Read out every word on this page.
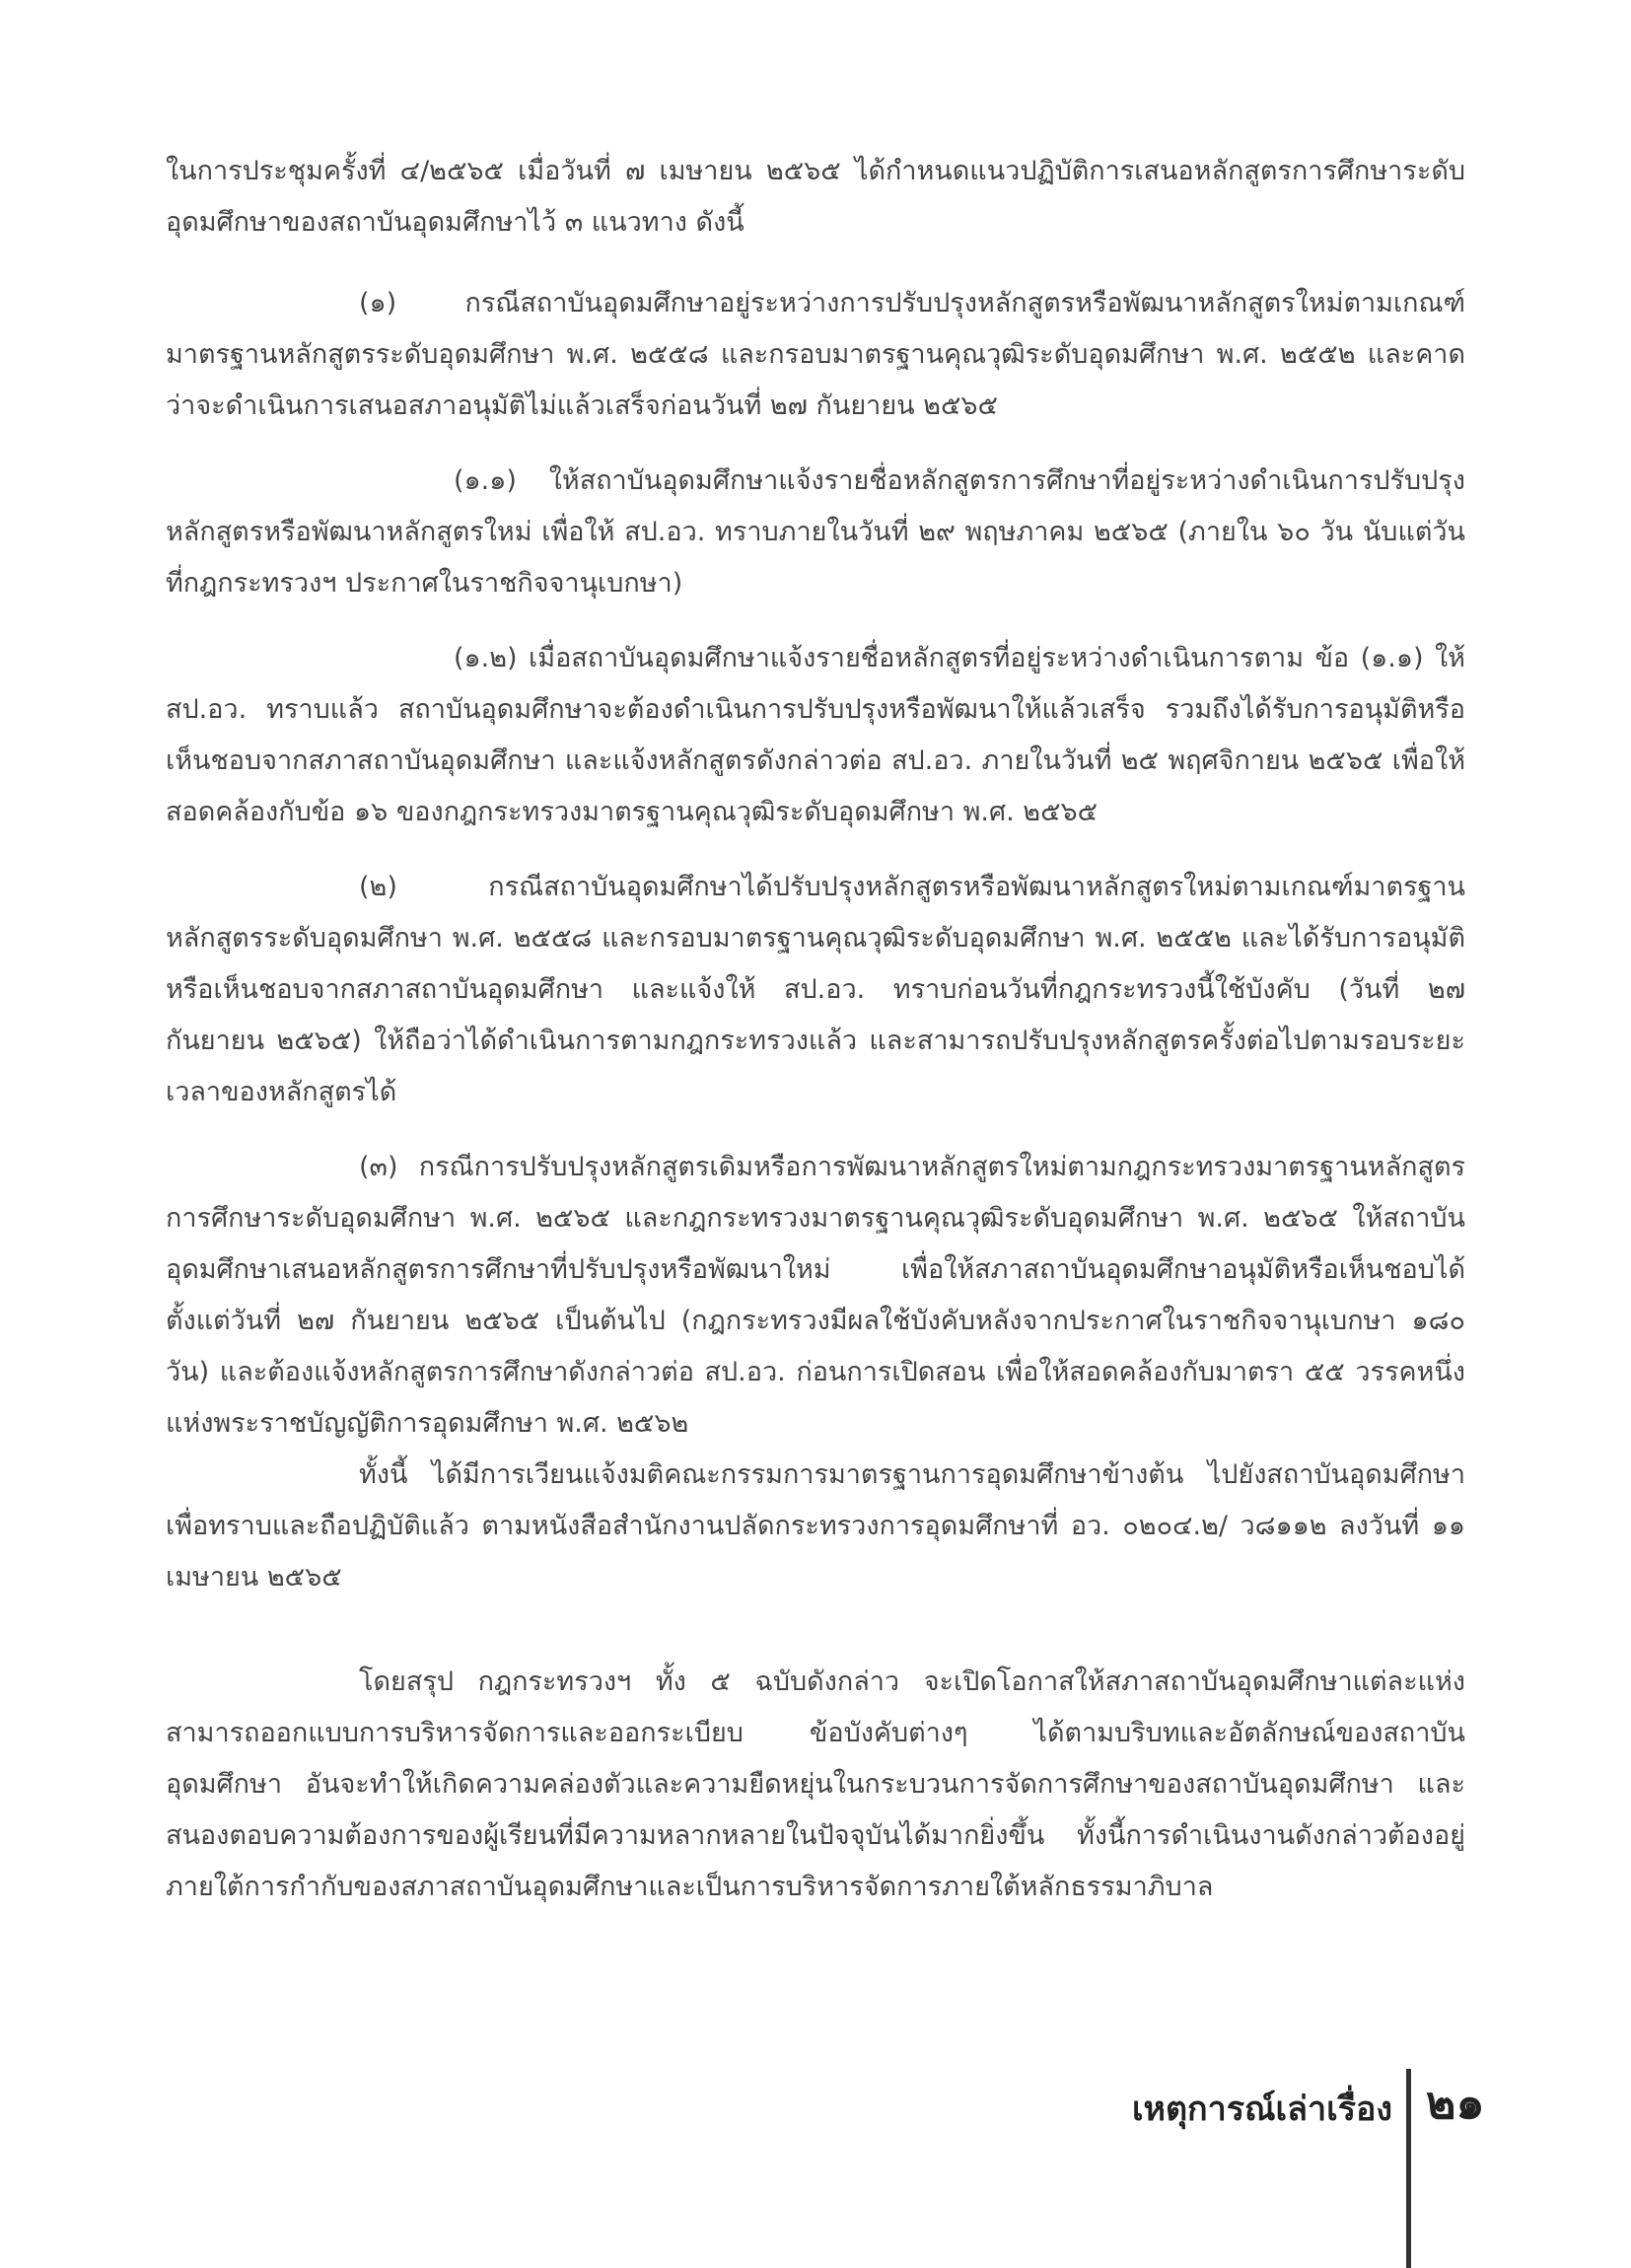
ในการประชุมครั้งที่ ๔/๒๕๖๕ เมื่อวันที่ ๗ เมษายน ๒๕๖๕ ได้กำหนดแนวปฏิบัติการเสนอหลักสูตรการศึกษาระดับอุดมศึกษาของสถาบันอุดมศึกษาไว้ ๓ แนวทาง ดังนี้

(๑) กรณีสถาบันอุดมศึกษาอยู่ระหว่างการปรับปรุงหลักสูตรหรือพัฒนาหลักสูตรใหม่ตามเกณฑ์มาตรฐานหลักสูตรระดับอุดมศึกษา พ.ศ. ๒๕๕๘ และกรอบมาตรฐานคุณวุฒิระดับอุดมศึกษา พ.ศ. ๒๕๕๒ และคาดว่าจะดำเนินการเสนอสภาอนุมัติไม่แล้วเสร็จก่อนวันที่ ๒๗ กันยายน ๒๕๖๕

(๑.๑) ให้สถาบันอุดมศึกษาแจ้งรายชื่อหลักสูตรการศึกษาที่อยู่ระหว่างดำเนินการปรับปรุงหลักสูตรหรือพัฒนาหลักสูตรใหม่ เพื่อให้ สป.อว. ทราบภายในวันที่ ๒๙ พฤษภาคม ๒๕๖๕ (ภายใน ๖๐ วัน นับแต่วันที่กฎกระทรวงฯ ประกาศในราชกิจจานุเบกษา)

(๑.๒) เมื่อสถาบันอุดมศึกษาแจ้งรายชื่อหลักสูตรที่อยู่ระหว่างดำเนินการตาม ข้อ (๑.๑) ให้ สป.อว. ทราบแล้ว สถาบันอุดมศึกษาจะต้องดำเนินการปรับปรุงหรือพัฒนาให้แล้วเสร็จ รวมถึงได้รับการอนุมัติหรือเห็นชอบจากสภาสถาบันอุดมศึกษา และแจ้งหลักสูตรดังกล่าวต่อ สป.อว. ภายในวันที่ ๒๕ พฤศจิกายน ๒๕๖๕ เพื่อให้สอดคล้องกับข้อ ๑๖ ของกฎกระทรวงมาตรฐานคุณวุฒิระดับอุดมศึกษา พ.ศ. ๒๕๖๕

(๒) กรณีสถาบันอุดมศึกษาได้ปรับปรุงหลักสูตรหรือพัฒนาหลักสูตรใหม่ตามเกณฑ์มาตรฐานหลักสูตรระดับอุดมศึกษา พ.ศ. ๒๕๕๘ และกรอบมาตรฐานคุณวุฒิระดับอุดมศึกษา พ.ศ. ๒๕๕๒ และได้รับการอนุมัติหรือเห็นชอบจากสภาสถาบันอุดมศึกษา และแจ้งให้ สป.อว. ทราบก่อนวันที่กฎกระทรวงนี้ใช้บังคับ (วันที่ ๒๗ กันยายน ๒๕๖๕) ให้ถือว่าได้ดำเนินการตามกฎกระทรวงแล้ว และสามารถปรับปรุงหลักสูตรครั้งต่อไปตามรอบระยะเวลาของหลักสูตรได้

(๓) กรณีการปรับปรุงหลักสูตรเดิมหรือการพัฒนาหลักสูตรใหม่ตามกฎกระทรวงมาตรฐานหลักสูตรการศึกษาระดับอุดมศึกษา พ.ศ. ๒๕๖๕ และกฎกระทรวงมาตรฐานคุณวุฒิระดับอุดมศึกษา พ.ศ. ๒๕๖๕ ให้สถาบันอุดมศึกษาเสนอหลักสูตรการศึกษาที่ปรับปรุงหรือพัฒนาใหม่ เพื่อให้สภาสถาบันอุดมศึกษาอนุมัติหรือเห็นชอบได้ตั้งแต่วันที่ ๒๗ กันยายน ๒๕๖๕ เป็นต้นไป (กฎกระทรวงมีผลใช้บังคับหลังจากประกาศในราชกิจจานุเบกษา ๑๘๐ วัน) และต้องแจ้งหลักสูตรการศึกษาดังกล่าวต่อ สป.อว. ก่อนการเปิดสอน เพื่อให้สอดคล้องกับมาตรา ๕๕ วรรคหนึ่ง แห่งพระราชบัญญัติการอุดมศึกษา พ.ศ. ๒๕๖๒

ทั้งนี้ ได้มีการเวียนแจ้งมติคณะกรรมการมาตรฐานการอุดมศึกษาข้างต้น ไปยังสถาบันอุดมศึกษาเพื่อทราบและถือปฏิบัติแล้ว ตามหนังสือสำนักงานปลัดกระทรวงการอุดมศึกษาที่ อว. ๐๒๐๔.๒/ ว๘๑๑๒ ลงวันที่ ๑๑ เมษายน ๒๕๖๕

โดยสรุป กฎกระทรวงฯ ทั้ง ๕ ฉบับดังกล่าว จะเปิดโอกาสให้สภาสถาบันอุดมศึกษาแต่ละแห่งสามารถออกแบบการบริหารจัดการและออกระเบียบ ข้อบังคับต่างๆ ได้ตามบริบทและอัตลักษณ์ของสถาบันอุดมศึกษา อันจะทำให้เกิดความคล่องตัวและความยืดหยุ่นในกระบวนการจัดการศึกษาของสถาบันอุดมศึกษา และสนองตอบความต้องการของผู้เรียนที่มีความหลากหลายในปัจจุบันได้มากยิ่งขึ้น ทั้งนี้การดำเนินงานดังกล่าวต้องอยู่ภายใต้การกำกับของสภาสถาบันอุดมศึกษาและเป็นการบริหารจัดการภายใต้หลักธรรมาภิบาล

เหตุการณ์เล่าเรื่อง ๒๑
